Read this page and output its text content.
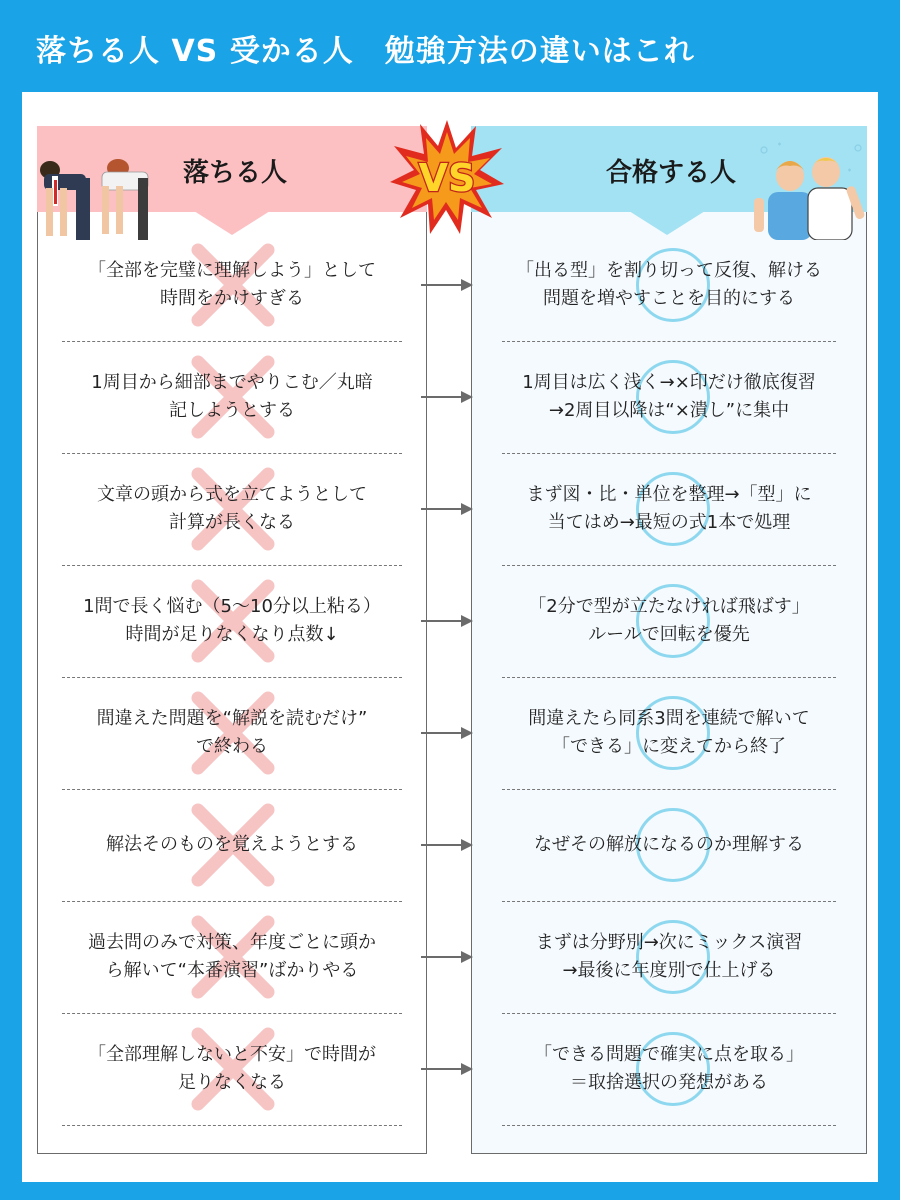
落ちる人 VS 受かる人　勉強方法の違いはこれ
落ちる人	合格する人
VS
「全部を完璧に理解しよう」として
時間をかけすぎる
「出る型」を割り切って反復、解ける
問題を増やすことを目的にする
1周目から細部までやりこむ／丸暗
記しようとする
1周目は広く浅く→×印だけ徹底復習
→2周目以降は“×潰し”に集中
文章の頭から式を立てようとして
計算が長くなる
まず図・比・単位を整理→「型」に
当てはめ→最短の式1本で処理
1問で長く悩む（5〜10分以上粘る）
時間が足りなくなり点数↓
「2分で型が立たなければ飛ばす」
ルールで回転を優先
間違えた問題を“解説を読むだけ”
で終わる
間違えたら同系3問を連続で解いて
「できる」に変えてから終了
解法そのものを覚えようとする	なぜその解放になるのか理解する
過去問のみで対策、年度ごとに頭か
ら解いて“本番演習”ばかりやる
まずは分野別→次にミックス演習
→最後に年度別で仕上げる
「全部理解しないと不安」で時間が
足りなくなる
「できる問題で確実に点を取る」
＝取捨選択の発想がある
